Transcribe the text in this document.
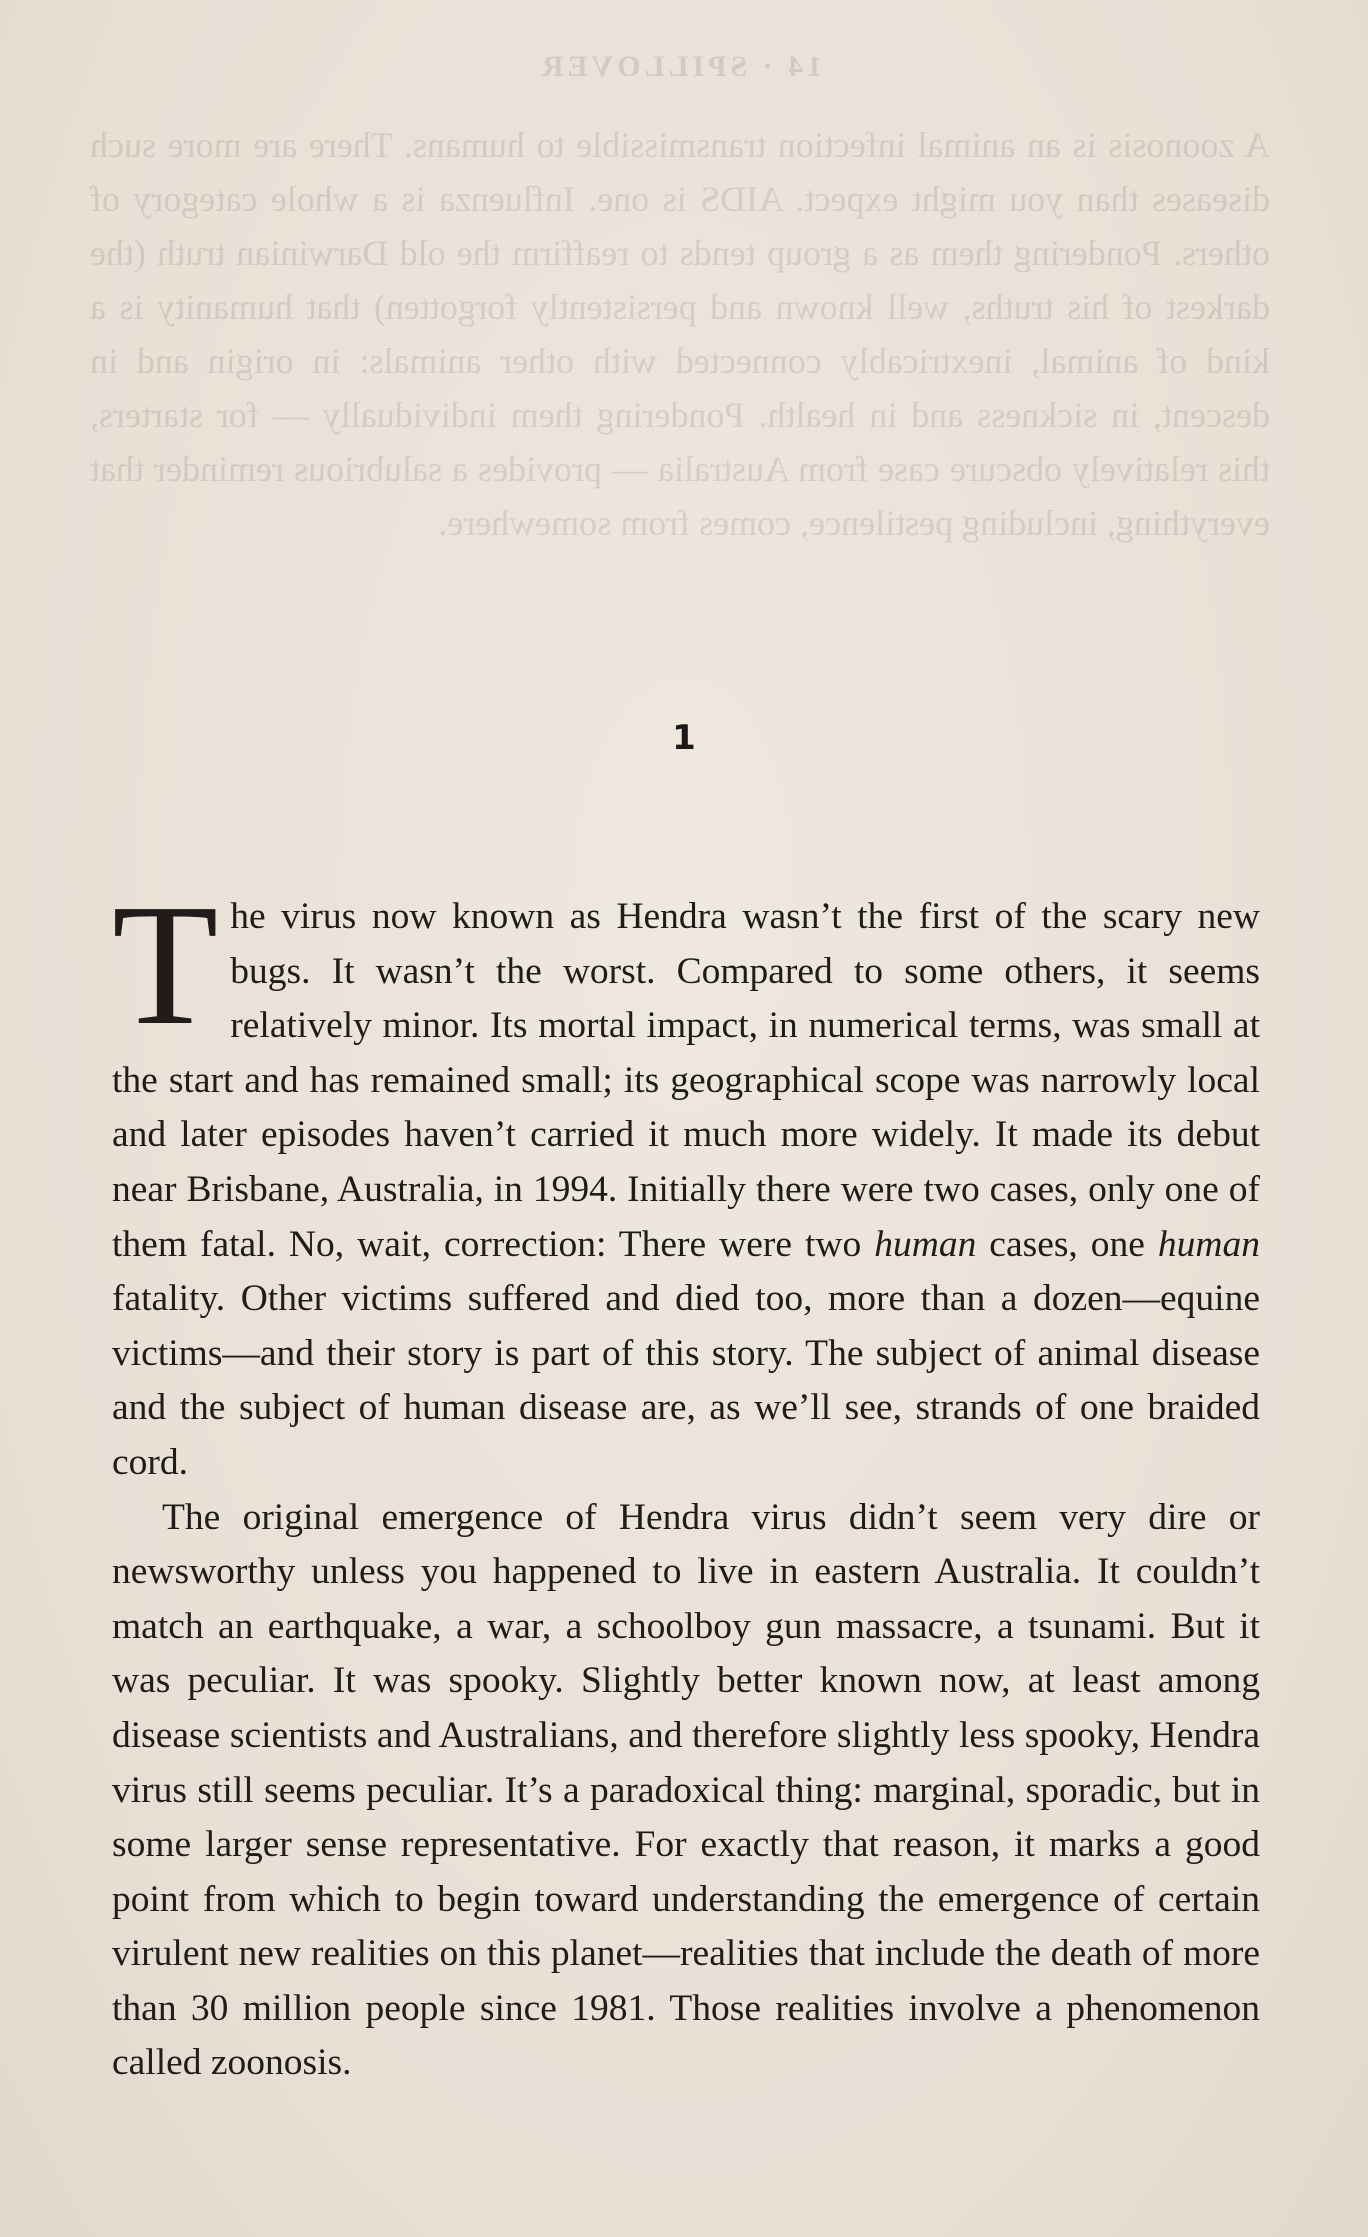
14 · SPILLOVER
A zoonosis is an animal infection transmissible to humans. There are more such diseases than you might expect. AIDS is one. Influenza is a whole category of others. Pondering them as a group tends to reaffirm the old Darwinian truth (the darkest of his truths, well known and persistently forgotten) that humanity is a kind of animal, inextricably connected with other animals: in origin and in descent, in sickness and in health. Pondering them individually — for starters, this relatively obscure case from Australia — provides a salubrious reminder that everything, including pestilence, comes from somewhere.
1

The virus now known as Hendra wasn’t the first of the scary new bugs. It wasn’t the worst. Compared to some others, it seems relatively minor. Its mortal impact, in numerical terms, was small at the start and has remained small; its geographical scope was narrowly local and later episodes haven’t carried it much more widely. It made its debut near Brisbane, Australia, in 1994. Initially there were two cases, only one of them fatal. No, wait, correction: There were two human cases, one human fatality. Other victims suffered and died too, more than a dozen—equine victims—and their story is part of this story. The subject of animal disease and the subject of human disease are, as we’ll see, strands of one braided cord.

The original emergence of Hendra virus didn’t seem very dire or newsworthy unless you happened to live in eastern Australia. It couldn’t match an earthquake, a war, a schoolboy gun massacre, a tsunami. But it was peculiar. It was spooky. Slightly better known now, at least among disease scientists and Australians, and therefore slightly less spooky, Hendra virus still seems peculiar. It’s a paradoxical thing: marginal, sporadic, but in some larger sense representative. For exactly that reason, it marks a good point from which to begin toward understanding the emergence of certain virulent new realities on this planet—realities that include the death of more than 30 million people since 1981. Those realities involve a phenomenon called zoonosis.
